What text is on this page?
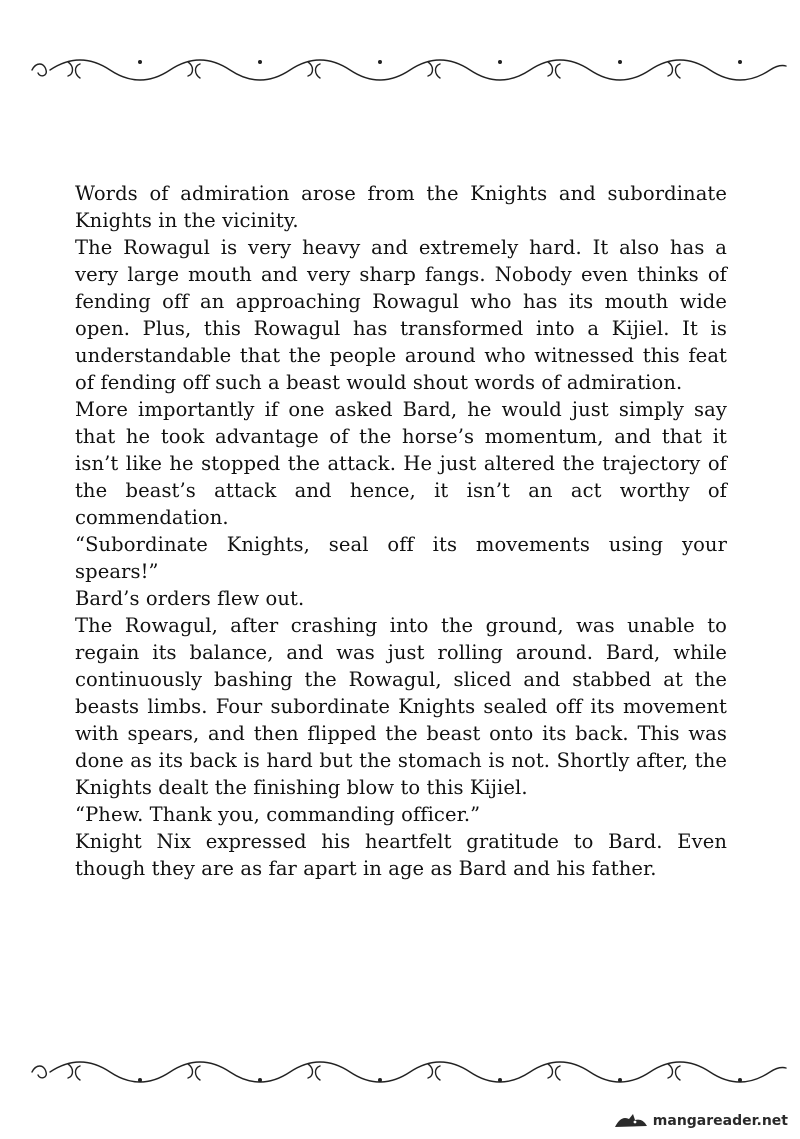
Words of admiration arose from the Knights and subordinate Knights in the vicinity.

The Rowagul is very heavy and extremely hard. It also has a very large mouth and very sharp fangs. Nobody even thinks of fending off an approaching Rowagul who has its mouth wide open. Plus, this Rowagul has transformed into a Kijiel. It is understandable that the people around who witnessed this feat of fending off such a beast would shout words of admiration.

More importantly if one asked Bard, he would just simply say that he took advantage of the horse’s momentum, and that it isn’t like he stopped the attack. He just altered the trajectory of the beast’s attack and hence, it isn’t an act worthy of commendation.

“Subordinate Knights, seal off its movements using your spears!”

Bard’s orders flew out.

The Rowagul, after crashing into the ground, was unable to regain its balance, and was just rolling around. Bard, while continuously bashing the Rowagul, sliced and stabbed at the beasts limbs. Four subordinate Knights sealed off its movement with spears, and then flipped the beast onto its back. This was done as its back is hard but the stomach is not. Shortly after, the Knights dealt the finishing blow to this Kijiel.

“Phew. Thank you, commanding officer.”

Knight Nix expressed his heartfelt gratitude to Bard. Even though they are as far apart in age as Bard and his father.

mangareader.net
